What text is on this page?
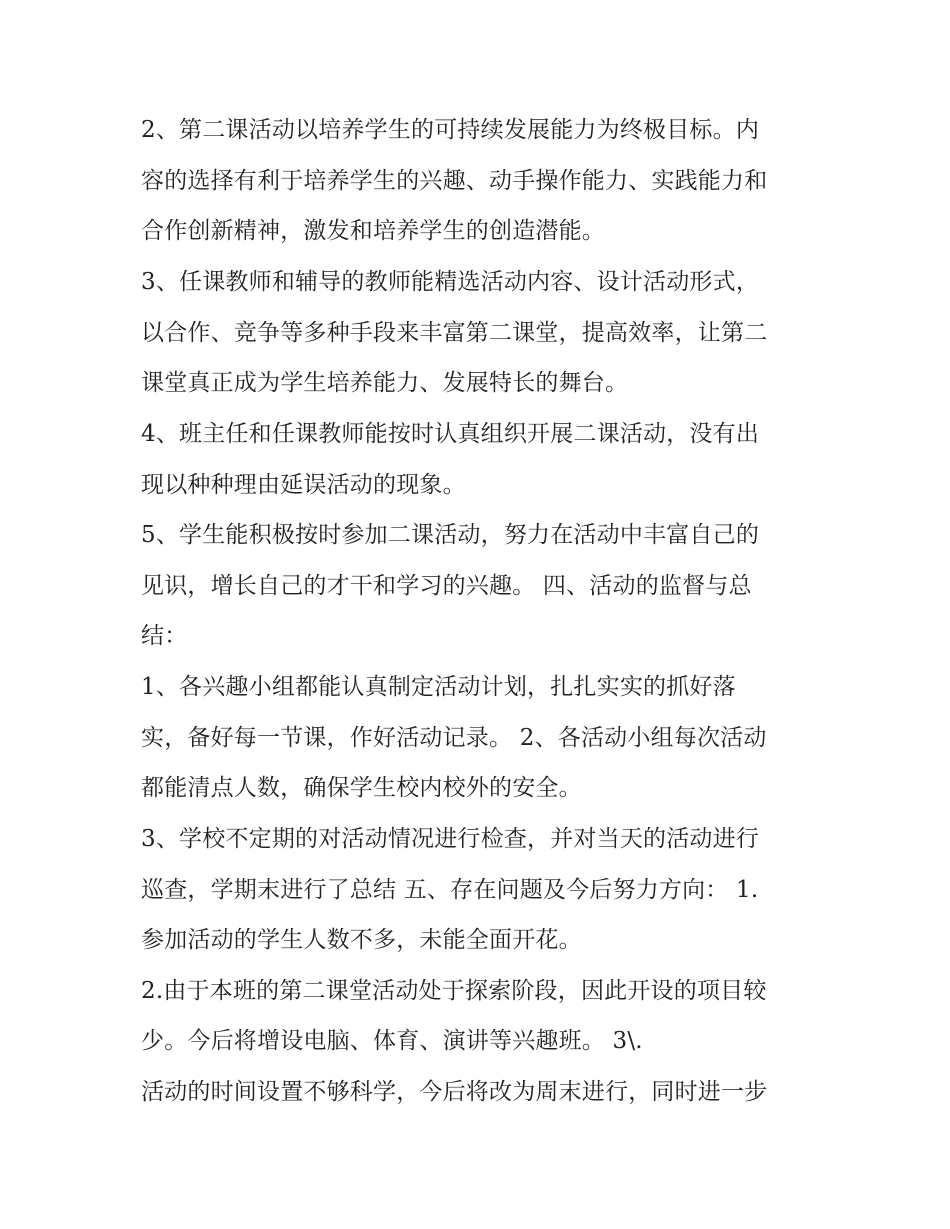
2、第二课活动以培养学生的可持续发展能力为终极目标。内
容的选择有利于培养学生的兴趣、动手操作能力、实践能力和
合作创新精神，激发和培养学生的创造潜能。
3、任课教师和辅导的教师能精选活动内容、设计活动形式，
以合作、竞争等多种手段来丰富第二课堂，提高效率，让第二
课堂真正成为学生培养能力、发展特长的舞台。
4、班主任和任课教师能按时认真组织开展二课活动，没有出
现以种种理由延误活动的现象。
5、学生能积极按时参加二课活动，努力在活动中丰富自己的
见识，增长自己的才干和学习的兴趣。 四、活动的监督与总
结：
1、各兴趣小组都能认真制定活动计划，扎扎实实的抓好落
实，备好每一节课，作好活动记录。 2、各活动小组每次活动
都能清点人数，确保学生校内校外的安全。
3、学校不定期的对活动情况进行检查，并对当天的活动进行
巡查，学期末进行了总结 五、存在问题及今后努力方向： 1.
参加活动的学生人数不多，未能全面开花。
2.由于本班的第二课堂活动处于探索阶段，因此开设的项目较
少。今后将增设电脑、体育、演讲等兴趣班。 3\.
活动的时间设置不够科学，今后将改为周末进行，同时进一步
